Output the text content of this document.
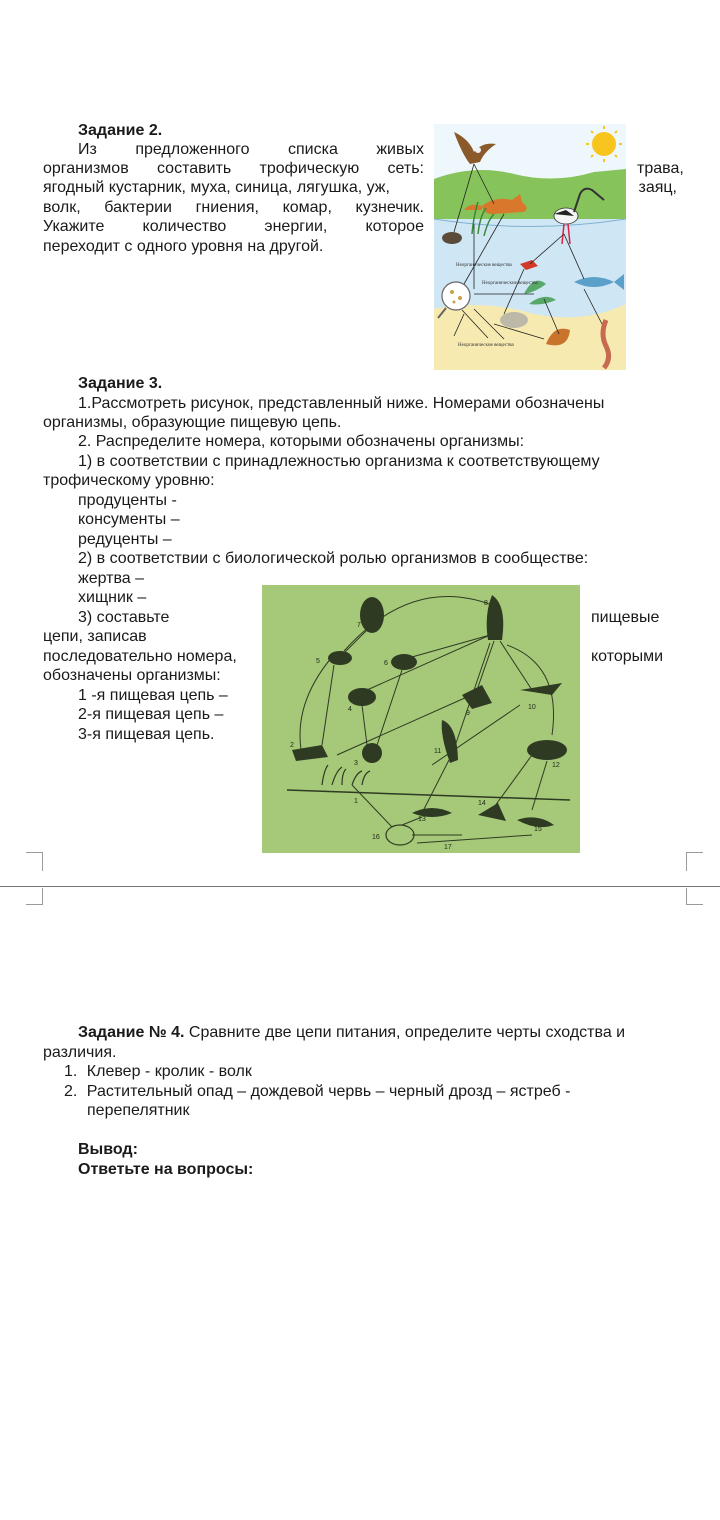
Задание 2.
Из предложенного списка живых
организмов составить трофическую сеть:
ягодный кустарник, муха, синица, лягушка, уж,
волк, бактерии гниения, комар, кузнечик.
Укажите количество энергии, которое
переходит с одного уровня на другой.
трава,
заяц,
Неорганические вещества
Неорганические вещества
Неорганические вещества
Задание 3.
1.Рассмотреть рисунок, представленный ниже. Номерами обозначены
организмы, образующие пищевую цепь.
2. Распределите номера, которыми обозначены организмы:
1) в соответствии с принадлежностью организма к соответствующему
трофическому уровню:
продуценты -
консументы –
редуценты –
2) в соответствии с биологической ролью организмов в сообществе:
жертва –
хищник –
3) составьте
цепи, записав
последовательно номера,
обозначены организмы:
1 -я пищевая цепь –
2-я пищевая цепь –
3-я пищевая цепь.
пищевые
которыми
7
8
5	6
4
9
10
11
12
2
3
1
13
14
15
16
17
Задание № 4. Сравните две цепи питания, определите черты сходства и
различия.
1. Клевер - кролик - волк
2. Растительный опад – дождевой червь – черный дрозд – ястреб -
перепелятник
Вывод:
Ответьте на вопросы:
